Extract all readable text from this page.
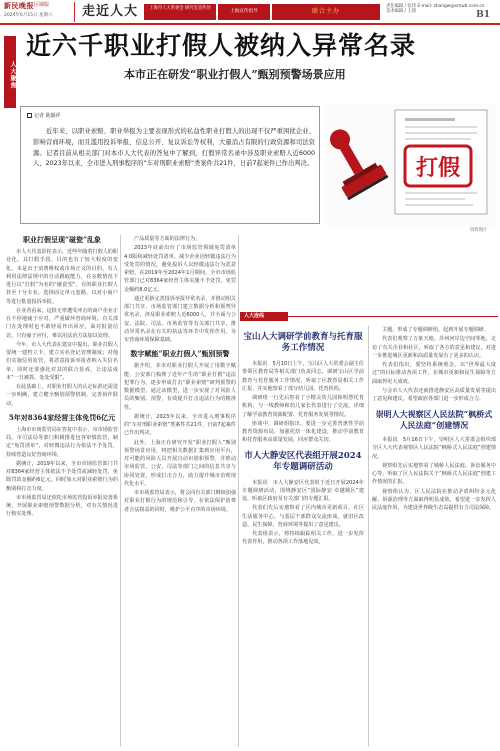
新民晚报 区域版
2024年6月15日 星期六 走近人大	上海市人大常委会 研究室宣传处
上海宣传指导	联合主办
责任编辑 / 张伟 E-mail: zhangw@xmwb.com.cn
美术编辑 / 王倩	B1
人大聚焦
近六千职业打假人被纳入异常名录
本市正在研发“职业打假人”甄别预警场景应用
记者 陈颖祥
近年来，以职业索赔、职业举报为主要表现形式的私益性职业打假人的出现不仅严重困扰企业、影响营商环境，而且滥用投诉举报、信息公开、复议诉讼等权利，大量消占有限的行政资源和司法资源。记者目前从相关部门对本市人大代表的答复中了解到，打假异常名录中涉及职业索赔人近6000人，2023年以来，全市进入刑事程序的“车对刑职业索赔”类案件共21件，日前7起案件已作出判决。	打假
资料图片
职业打假呈现“碰瓷”乱象

市人大代表彭桂表示，近些年随着打假人的职业化，其打假手段、目的也有了较大程度的变化。本是出于消费维权或市场正义的目的，有人利用法律法规中的自动跳取能力，在多数情况下进行以“打假”为名的“碰瓷型”，有的职业打假人甚至十分专业，选择固定单元套路，以对小商户等进行批量投诉举报。

在业者看来，这批无辜遭受冲击的商户企业正在不停地疲于应对，严重破坏营商环境。有关部门在处理时也不敢轻易作出回应，面对批量信访，只有疲于应付，难以用法治方法加以处理。

今年，市人大代表在建议中提出，职业打假人要统一建档立卡，建立实名登记管理制度；对他们实施信用监管，将恶意投诉举报者纳入失信名单，同时还要强化对其的联合惩戒，让违法成本“一日被抓、处处受限”。

在此基础上，对职业打假人的认定标准还需进一步明确，建立健全甄别预警机制，完善协作联动。

5年对8364家经营主体免罚6亿元

上海市市场监管局在答复中表示，市市场监管局、市司法局等部门积极推进包容审慎监管，制定“免罚清单”，对轻微违法行为依法不予处罚，持续营造良好营商环境。

据统计，2019年以来，全市市场监管部门共对8364家经营主体依法不予处罚或减轻处罚，免除罚款金额约6亿元。同时加大对职业索赔行为的甄别和打击力度。

市市场监管局还依托市场监管投诉举报处置系统，开展职业索赔预警数据分析，对有关情况进行核实处理。

产品质量等方面的法律行为。

2023年底前出台了市场监管领域免罚清单4.0版和减轻处罚清单，减少企业因轻微违法行为受处罚的情况，避免投诉人以轻微违法行为恶意索赔。在2019年至2024年1月期间，全市市场监管部门已对8364家经营主体实施不予处罚，免罚金额约8.0亿元。

通过更新完善投诉举报异常名录，并推动相关部门共享，市场监管部门建立数据分析和预判异常名录，涉及职业索赔人近6000人，并全面与公安、法院、司法、市场监管等有关部门共享，推动异常名录在有关的执法等环节中发挥作用，夯实营商环境保障基础。

数字赋能“职业打假人”甄别预警

据介绍，本市对职业打假人开展了用数字赋能，公安部门梳理了近年产生的“职业打假”违法犯罪行为，逐步形成打击“职业索赔”研判预警的数据模型。通过该模型，进一步实现了对风险人员的甄别、预警，有效提升打击违法行为的精准性。

据统计，2023年以来，全市进入刑事程序的“车对刑职业索赔”类案件共21件，日前7起案件已作出判决。

此外，上海正在研究开发“职业打假人”甄别预警场景应用，将把相关数据汇集到应用平台，对可能的风险人员开展自动识别和预警，并推动市场监管、公安、司法等部门之间的信息共享与协同处置，形成打击合力，助力提升城市治理现代化水平。

市市场监管局表示，将会同有关部门继续加强对职业打假行为的规范和引导，在依法保护消费者合法权益的同时，维护公平有序的市场环境。

人大连线
宝山人大调研学前教育与托育服务工作情况

本报讯　5月10日上午，宝山区人大常委会副主任带领区教育局等相关部门负责同志，调研宝山区学前教育与托育服务工作情况，听取了区教育局相关工作汇报，并实地察看了部分幼儿园、托育机构。

调研组一行先后察看了小精灵幼儿园和明慧托育机构，与一线教师和幼儿家长代表进行了交流，详细了解学前教育资源配置、托育服务发展等情况。

座谈中，调研组指出，要进一步完善普惠性学前教育资源布局，加强托幼一体化建设，推动学前教育和托育服务高质量发展，回应群众关切。

市人大静安区代表组开展2024年专题调研活动

本报讯　市人大静安区代表组于近日开展2024年专题调研活动，围绕静安区“国际静安·卓越城区”建设，听取区政府及有关部门的专题汇报。

代表们先后实地察看了区内城市更新项目、社区生活服务中心，与基层干部群众交流座谈，就旧区改造、民生保障、营商环境等提出了意见建议。

代表组表示，将持续跟踪相关工作，进一步发挥代表作用，推动各项工作落地见效。

主题，形成了专题调研组，起到开展专题调研。

代表们观察了万象天地、苏州河岸边空间等地，走访了有关企业和社区，听取了各方的意见和建议，对进一步推进城区更新和高质量发展有了更多的认识。

代表们指出，要坚持系统观念，以“世界最大度过”的目标推动各项工作，在城市更新和民生保障等方面取得更大成效。

与会市人大代表还就推进静安区高质量发展等提出了意见和建议，希望政府各部门进一步形成合力。

崇明人大视察区人民法院“枫桥式人民法庭”创建情况

本报讯　5月16日下午，崇明区人大常委会组织部分区人大代表视察区人民法院“枫桥式人民法庭”创建情况。

视察组先后实地察看了城桥人民法庭、诉讼服务中心等，听取了区人民法院关于“枫桥式人民法庭”创建工作情况的汇报。

视察组认为，区人民法院在推动矛盾纠纷多元化解、诉源治理等方面取得明显成效，希望进一步发挥人民法庭作用，为建设世界级生态岛提供有力司法保障。
